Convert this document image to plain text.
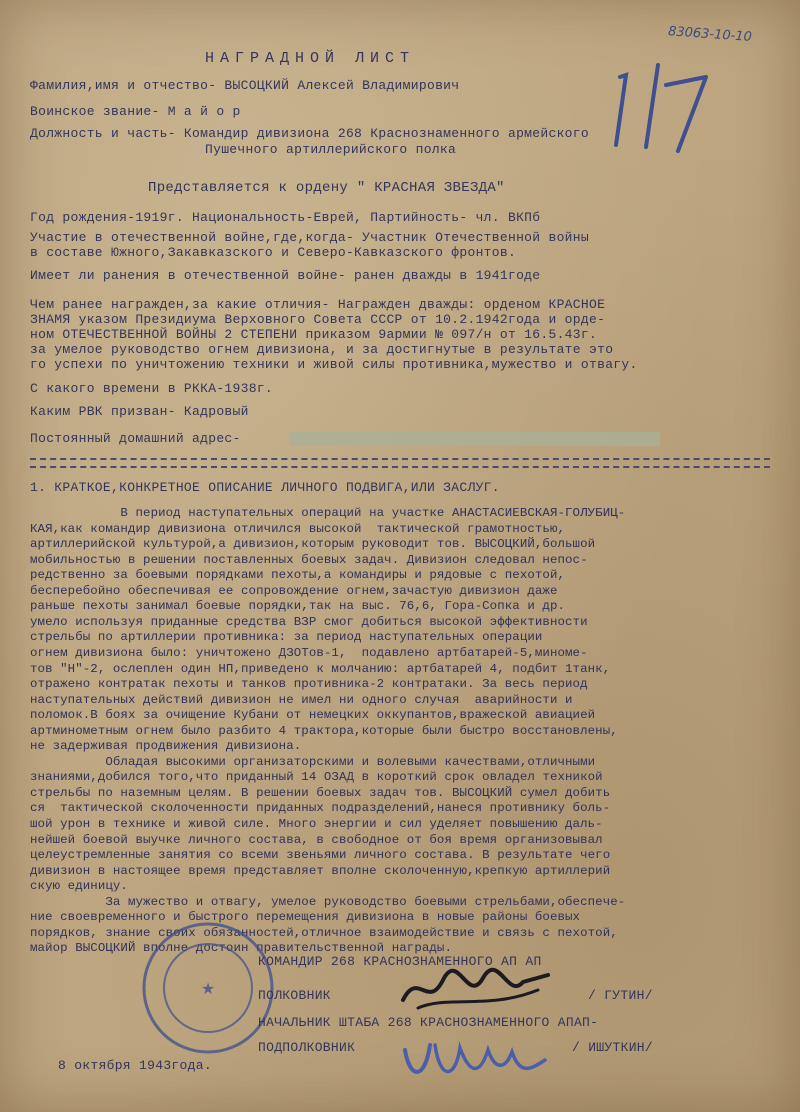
83063-10-10
НАГРАДНОЙ ЛИСТ
Фамилия,имя и отчество- ВЫСОЦКИЙ Алексей Владимирович
Воинское звание- М а й о р
Должность и часть- Командир дивизиона 268 Краснознаменного армейского
Пушечного артиллерийского полка
Представляется к ордену " КРАСНАЯ ЗВЕЗДА"
Год рождения-1919г. Национальность-Еврей, Партийность- чл. ВКПб
Участие в отечественной войне,где,когда- Участник Отечественной войны
в составе Южного,Закавказского и Северо-Кавказского фронтов.
Имеет ли ранения в отечественной войне- ранен дважды в 1941годе
Чем ранее награжден,за какие отличия- Награжден дважды: орденом КРАСНОЕ
ЗНАМЯ указом Президиума Верховного Совета СССР от 10.2.1942года и орде-
ном ОТЕЧЕСТВЕННОЙ ВОЙНЫ 2 СТЕПЕНИ приказом 9армии № 097/н от 16.5.43г.
за умелое руководство огнем дивизиона, и за достигнутые в результате это
го успехи по уничтожению техники и живой силы противника,мужество и отвагу.
С какого времени в РККА-1938г.
Каким РВК призван- Кадровый
Постоянный домашний адрес-
1. КРАТКОЕ,КОНКРЕТНОЕ ОПИСАНИЕ ЛИЧНОГО ПОДВИГА,ИЛИ ЗАСЛУГ.
В период наступательных операций на участке АНАСТАСИЕВСКАЯ-ГОЛУБИЦ-
КАЯ,как командир дивизиона отличился высокой  тактической грамотностью,
артиллерийской культурой,а дивизион,которым руководит тов. ВЫСОЦКИЙ,большой
мобильностью в решении поставленных боевых задач. Дивизион следовал непос-
редственно за боевыми порядками пехоты,а командиры и рядовые с пехотой,
бесперебойно обеспечивая ее сопровождение огнем,зачастую дивизион даже
раньше пехоты занимал боевые порядки,так на выс. 76,6, Гора-Сопка и др.
умело используя приданные средства ВЗР смог добиться высокой эффективности
стрельбы по артиллерии противника: за период наступательных операции
огнем дивизиона было: уничтожено ДЗОТов-1,  подавлено артбатарей-5,миноме-
тов "Н"-2, ослеплен один НП,приведено к молчанию: артбатарей 4, подбит 1танк,
отражено контратак пехоты и танков противника-2 контратаки. За весь период
наступательных действий дивизион не имел ни одного случая  аварийности и
поломок.В боях за очищение Кубани от немецких оккупантов,вражеской авиацией
артминометным огнем было разбито 4 трактора,которые были быстро восстановлены,
не задерживая продвижения дивизиона.
Обладая высокими организаторскими и волевыми качествами,отличными
знаниями,добился того,что приданный 14 ОЗАД в короткий срок овладел техникой
стрельбы по наземным целям. В решении боевых задач тов. ВЫСОЦКИЙ сумел добить
ся  тактической сколоченности приданных подразделений,нанеся противнику боль-
шой урон в технике и живой силе. Много энергии и сил уделяет повышению даль-
нейшей боевой выучке личного состава, в свободное от боя время организовывал
целеустремленные занятия со всеми звеньями личного состава. В результате чего
дивизион в настоящее время представляет вполне сколоченную,крепкую артиллерий
скую единицу.
За мужество и отвагу, умелое руководство боевыми стрельбами,обеспече-
ние своевременного и быстрого перемещения дивизиона в новые районы боевых
порядков, знание своих обязанностей,отличное взаимодействие и связь с пехотой,
майор ВЫСОЦКИЙ вполне достоин правительственной награды.
★
КОМАНДИР 268 КРАСНОЗНАМЕННОГО АП АП
ПОЛКОВНИК	/ ГУТИН/
НАЧАЛЬНИК ШТАБА 268 КРАСНОЗНАМЕННОГО АПАП-
ПОДПОЛКОВНИК	/ ИШУТКИН/
8 октября 1943года.
